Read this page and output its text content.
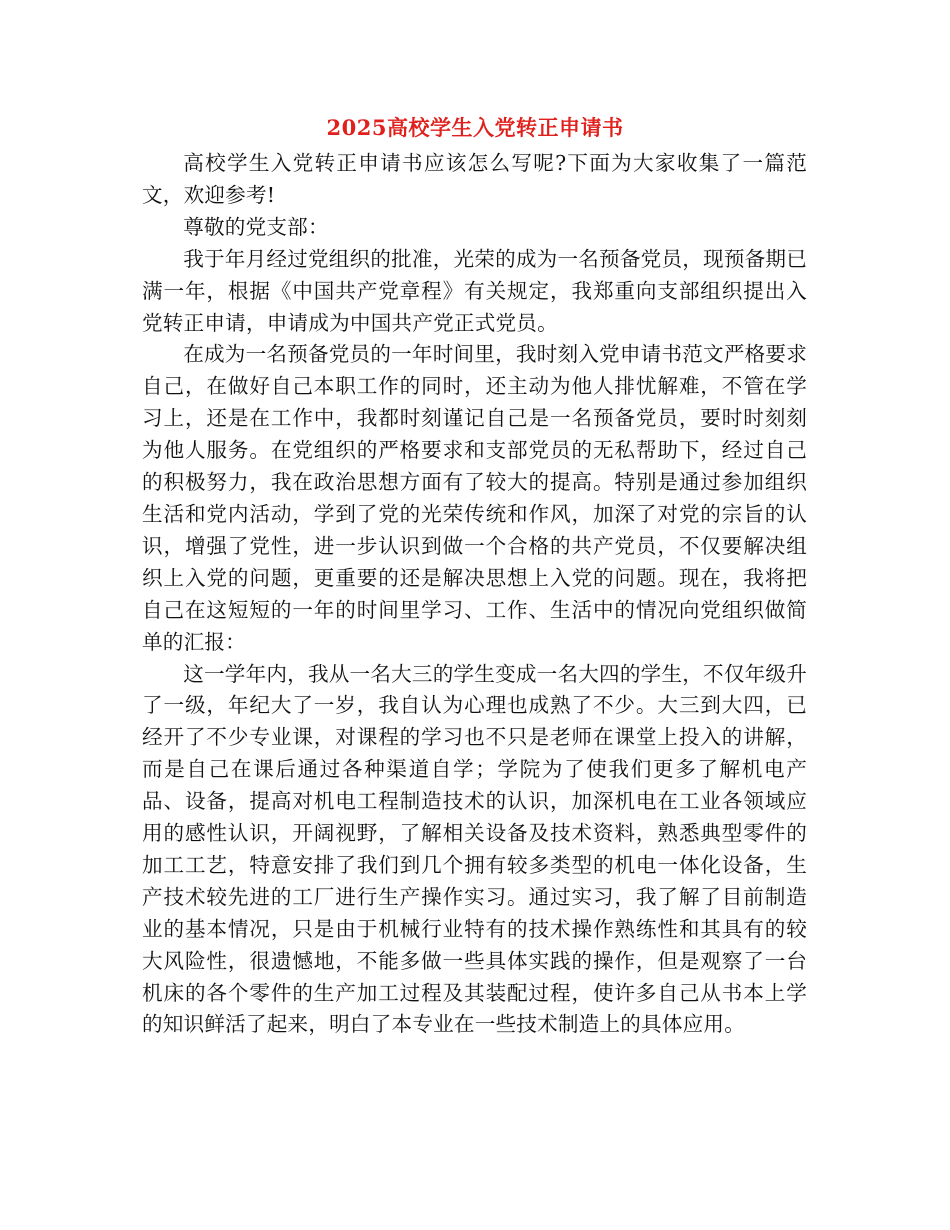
2025高校学生入党转正申请书

高校学生入党转正申请书应该怎么写呢?下面为大家收集了一篇范文，欢迎参考!

尊敬的党支部：

我于年月经过党组织的批准，光荣的成为一名预备党员，现预备期已满一年，根据《中国共产党章程》有关规定，我郑重向支部组织提出入党转正申请，申请成为中国共产党正式党员。

在成为一名预备党员的一年时间里，我时刻入党申请书范文严格要求自己，在做好自己本职工作的同时，还主动为他人排忧解难，不管在学习上，还是在工作中，我都时刻谨记自己是一名预备党员，要时时刻刻为他人服务。在党组织的严格要求和支部党员的无私帮助下，经过自己的积极努力，我在政治思想方面有了较大的提高。特别是通过参加组织生活和党内活动，学到了党的光荣传统和作风，加深了对党的宗旨的认识，增强了党性，进一步认识到做一个合格的共产党员，不仅要解决组织上入党的问题，更重要的还是解决思想上入党的问题。现在，我将把自己在这短短的一年的时间里学习、工作、生活中的情况向党组织做简单的汇报：

这一学年内，我从一名大三的学生变成一名大四的学生，不仅年级升了一级，年纪大了一岁，我自认为心理也成熟了不少。大三到大四，已经开了不少专业课，对课程的学习也不只是老师在课堂上投入的讲解，而是自己在课后通过各种渠道自学；学院为了使我们更多了解机电产品、设备，提高对机电工程制造技术的认识，加深机电在工业各领域应用的感性认识，开阔视野，了解相关设备及技术资料，熟悉典型零件的加工工艺，特意安排了我们到几个拥有较多类型的机电一体化设备，生产技术较先进的工厂进行生产操作实习。通过实习，我了解了目前制造业的基本情况，只是由于机械行业特有的技术操作熟练性和其具有的较大风险性，很遗憾地，不能多做一些具体实践的操作，但是观察了一台机床的各个零件的生产加工过程及其装配过程，使许多自己从书本上学的知识鲜活了起来，明白了本专业在一些技术制造上的具体应用。
